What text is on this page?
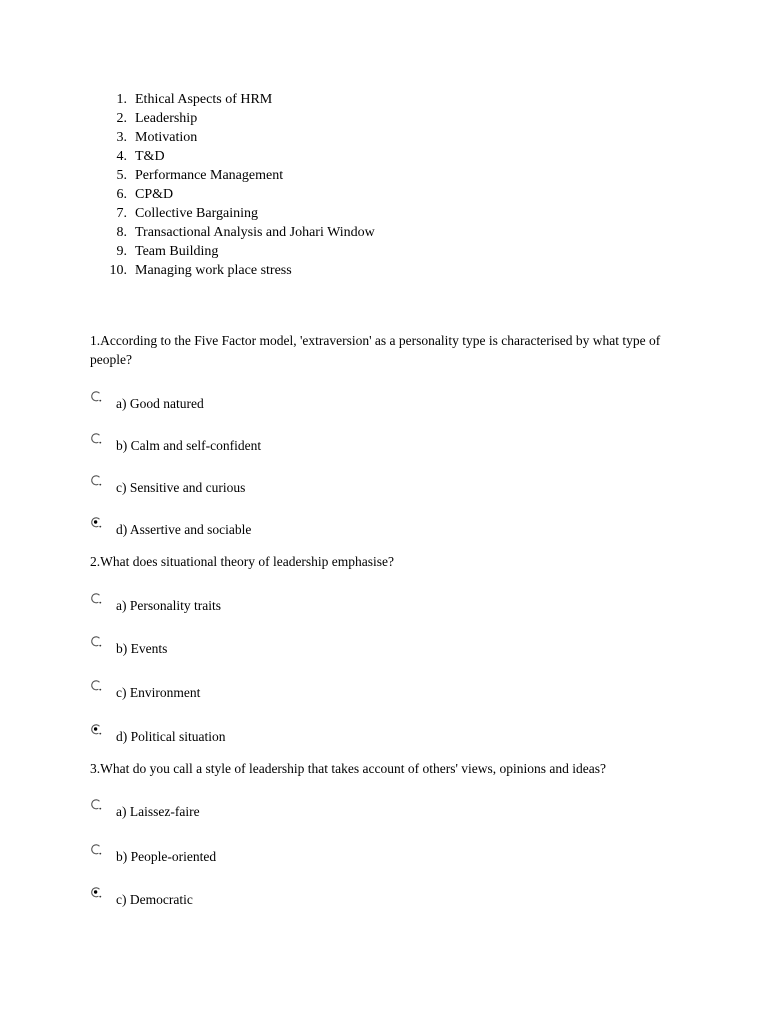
1. Ethical Aspects of HRM
2. Leadership
3. Motivation
4. T&D
5. Performance Management
6. CP&D
7. Collective Bargaining
8. Transactional Analysis and Johari Window
9. Team Building
10. Managing work place stress

1.According to the Five Factor model, 'extraversion' as a personality type is characterised by what type of people?

a) Good natured
b) Calm and self-confident
c) Sensitive and curious
d) Assertive and sociable

2.What does situational theory of leadership emphasise?

a) Personality traits
b) Events
c) Environment
d) Political situation

3.What do you call a style of leadership that takes account of others' views, opinions and ideas?

a) Laissez-faire
b) People-oriented
c) Democratic
